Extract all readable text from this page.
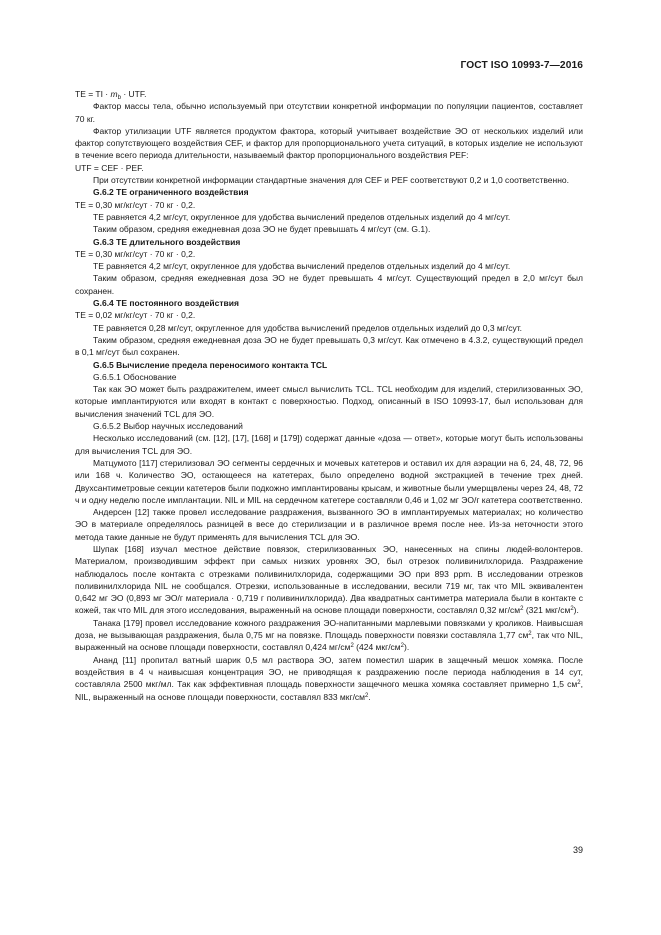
ГОСТ ISO 10993-7—2016

TE = TI · $m_b$ · UTF.

Фактор массы тела, обычно используемый при отсутствии конкретной информации по популяции пациентов, составляет 70 кг.

Фактор утилизации UTF является продуктом фактора, который учитывает воздействие ЭО от нескольких изделий или фактор сопутствующего воздействия CEF, и фактор для пропорционального учета ситуаций, в которых изделие не используют в течение всего периода длительности, называемый фактор пропорционального воздействия PEF:

UTF = CEF · PEF.

При отсутствии конкретной информации стандартные значения для CEF и PEF соответствуют 0,2 и 1,0 соответственно.

G.6.2 ТЕ ограниченного воздействия

TE = 0,30 мг/кг/сут · 70 кг · 0,2.

ТЕ равняется 4,2 мг/сут, округленное для удобства вычислений пределов отдельных изделий до 4 мг/сут.

Таким образом, средняя ежедневная доза ЭО не будет превышать 4 мг/сут (см. G.1).

G.6.3 ТЕ длительного воздействия

TE = 0,30 мг/кг/сут · 70 кг · 0,2.

ТЕ равняется 4,2 мг/сут, округленное для удобства вычислений пределов отдельных изделий до 4 мг/сут.

Таким образом, средняя ежедневная доза ЭО не будет превышать 4 мг/сут. Существующий предел в 2,0 мг/сут был сохранен.

G.6.4 ТЕ постоянного воздействия

TE = 0,02 мг/кг/сут · 70 кг · 0,2.

ТЕ равняется 0,28 мг/сут, округленное для удобства вычислений пределов отдельных изделий до 0,3 мг/сут.

Таким образом, средняя ежедневная доза ЭО не будет превышать 0,3 мг/сут. Как отмечено в 4.3.2, существующий предел в 0,1 мг/сут был сохранен.

G.6.5 Вычисление предела переносимого контакта TCL

G.6.5.1 Обоснование

Так как ЭО может быть раздражителем, имеет смысл вычислить TCL. TCL необходим для изделий, стерилизованных ЭО, которые имплантируются или входят в контакт с поверхностью. Подход, описанный в ISO 10993-17, был использован для вычисления значений TCL для ЭО.

G.6.5.2 Выбор научных исследований

Несколько исследований (см. [12], [17], [168] и [179]) содержат данные «доза — ответ», которые могут быть использованы для вычисления TCL для ЭО.

Матцумото [117] стерилизовал ЭО сегменты сердечных и мочевых катетеров и оставил их для аэрации на 6, 24, 48, 72, 96 или 168 ч. Количество ЭО, остающееся на катетерах, было определено водной экстракцией в течение трех дней. Двухсантиметровые секции катетеров были подкожно имплантированы крысам, и животные были умерщвлены через 24, 48, 72 ч и одну неделю после имплантации. NIL и MIL на сердечном катетере составляли 0,46 и 1,02 мг ЭО/г катетера соответственно.

Андерсен [12] также провел исследование раздражения, вызванного ЭО в имплантируемых материалах; но количество ЭО в материале определялось разницей в весе до стерилизации и в различное время после нее. Из-за неточности этого метода такие данные не будут применять для вычисления TCL для ЭО.

Шупак [168] изучал местное действие повязок, стерилизованных ЭО, нанесенных на спины людей-волонтеров. Материалом, производившим эффект при самых низких уровнях ЭО, был отрезок поливинилхлорида. Раздражение наблюдалось после контакта с отрезками поливинилхлорида, содержащими ЭО при 893 ppm. В исследовании отрезков поливинилхлорида NIL не сообщался. Отрезки, использованные в исследовании, весили 719 мг, так что MIL эквивалентен 0,642 мг ЭО (0,893 мг ЭО/г материала · 0,719 г поливинилхлорида). Два квадратных сантиметра материала были в контакте с кожей, так что MIL для этого исследования, выраженный на основе площади поверхности, составлял 0,32 $мг/см^2$ (321 мкг/$см^2$).

Танака [179] провел исследование кожного раздражения ЭО-напитанными марлевыми повязками у кроликов. Наивысшая доза, не вызывающая раздражения, была 0,75 мг на повязке. Площадь поверхности повязки составляла 1,77 $см^2$, так что NIL, выраженный на основе площади поверхности, составлял 0,424 $мг/см^2$ (424 мкг/$см^2$).

Ананд [11] пропитал ватный шарик 0,5 мл раствора ЭО, затем поместил шарик в защечный мешок хомяка. После воздействия в 4 ч наивысшая концентрация ЭО, не приводящая к раздражению после периода наблюдения в 14 сут, составляла 2500 мкг/мл. Так как эффективная площадь поверхности защечного мешка хомяка составляет примерно 1,5 $см^2$, NIL, выраженный на основе площади поверхности, составлял 833 мкг/$см^2$.

39
